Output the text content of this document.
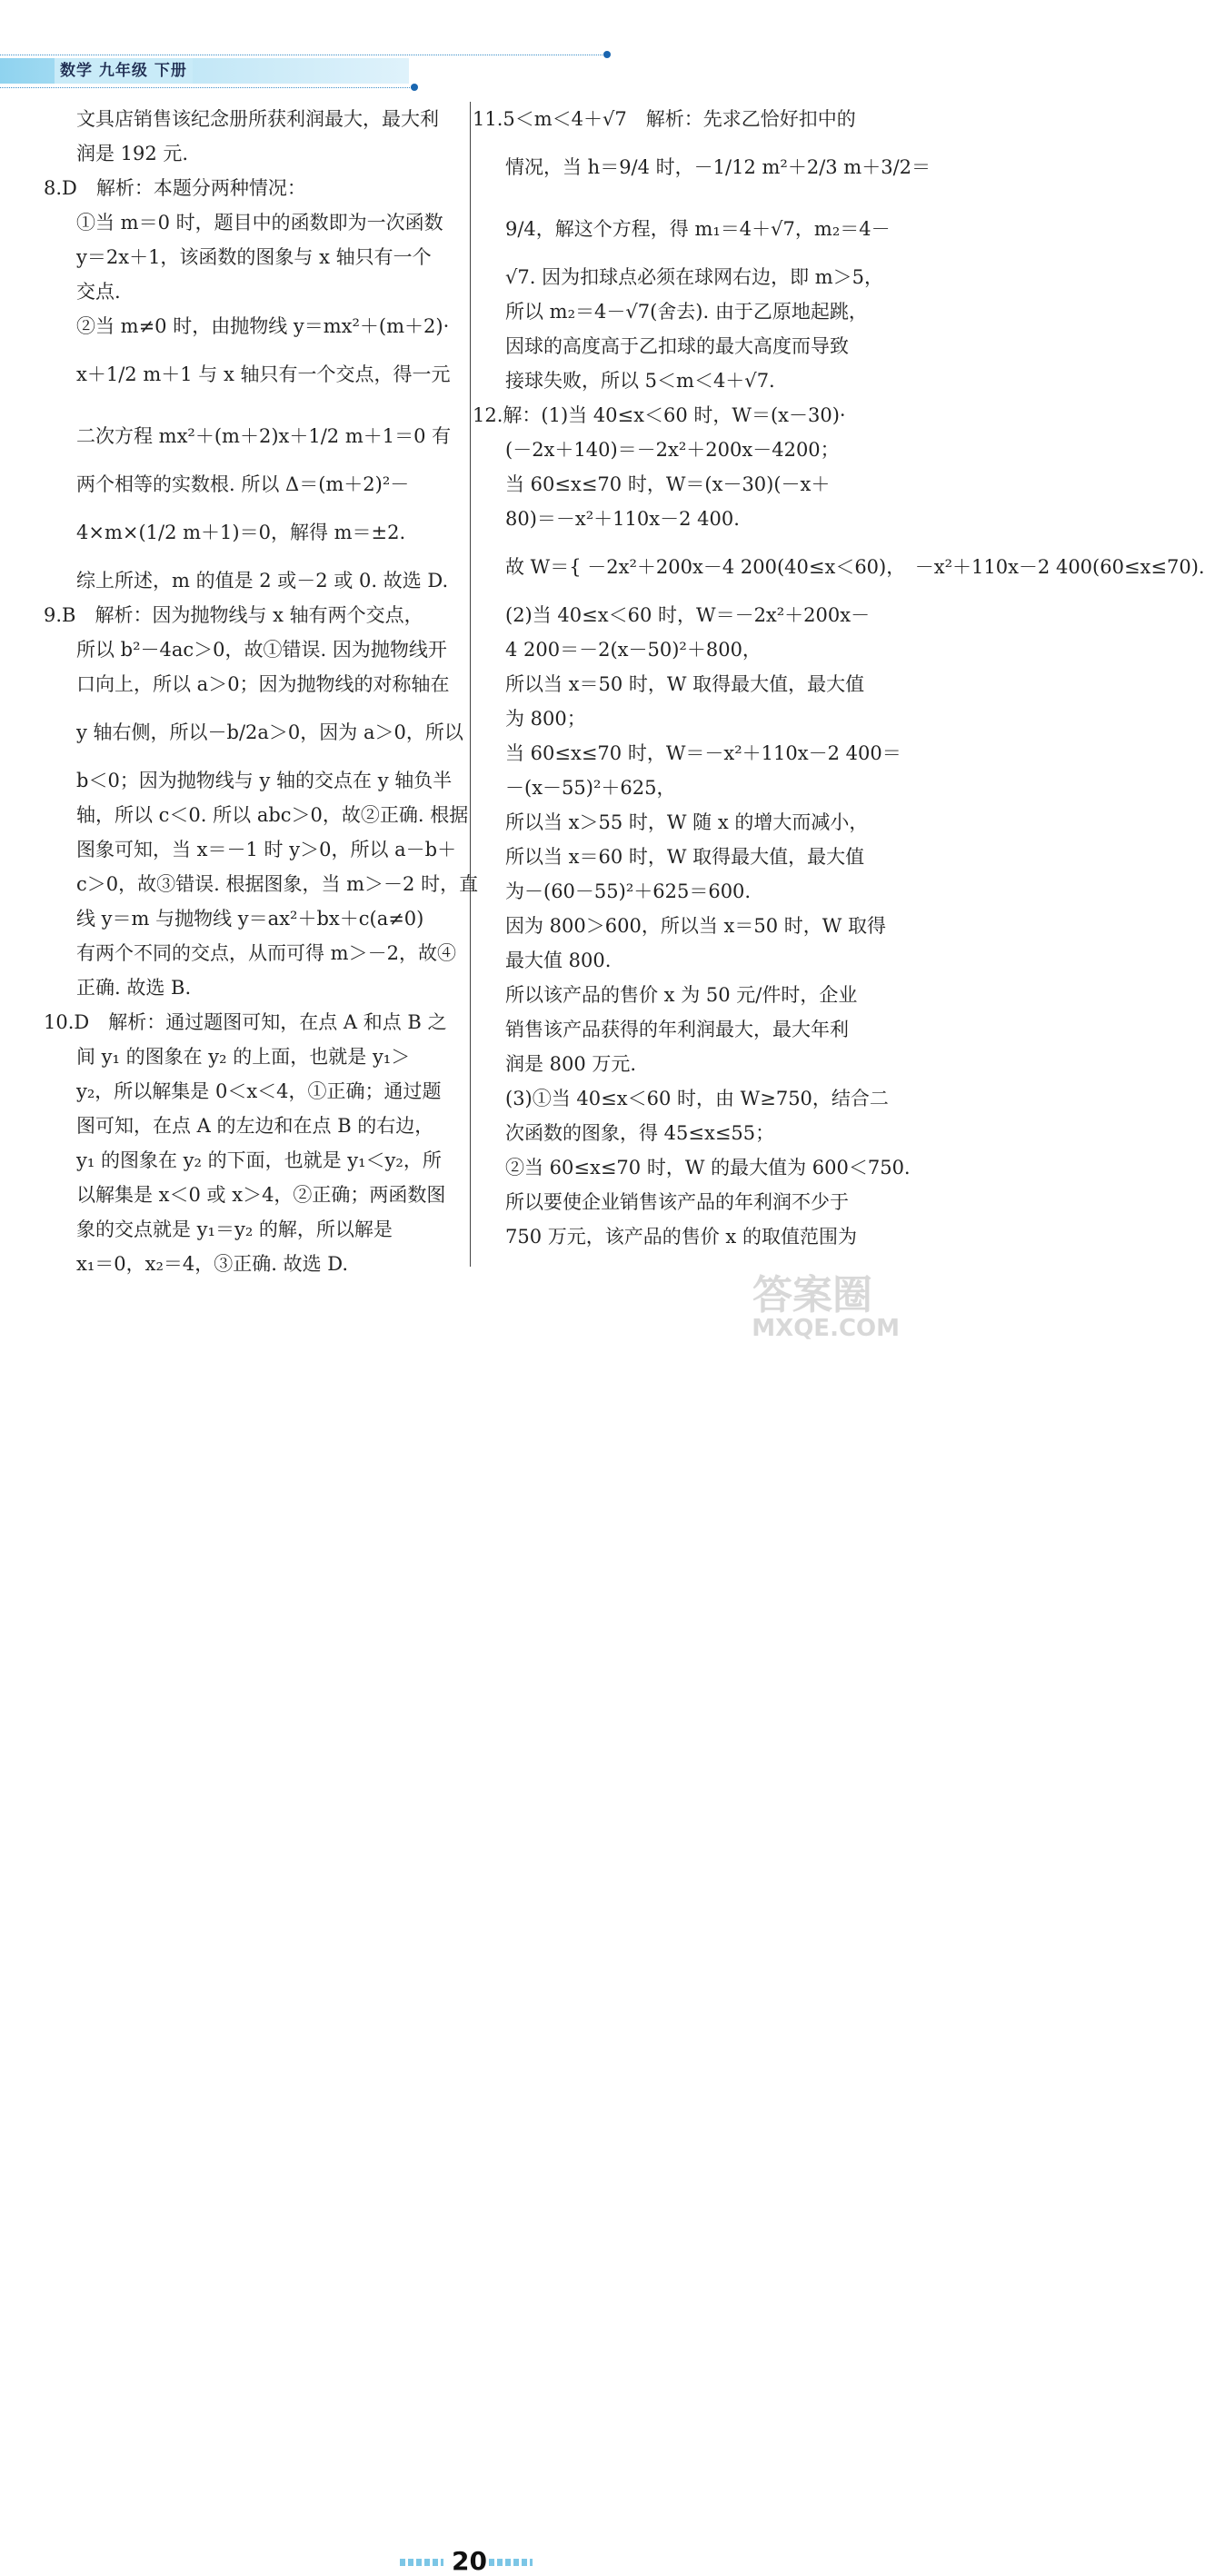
数学 九年级 下册

文具店销售该纪念册所获利润最大，最大利

润是 192 元.

8.D　解析：本题分两种情况：

①当 m＝0 时，题目中的函数即为一次函数

y＝2x＋1，该函数的图象与 x 轴只有一个

交点.

②当 m≠0 时，由抛物线 y＝mx²＋(m＋2)·

x＋1/2 m＋1 与 x 轴只有一个交点，得一元

二次方程 mx²＋(m＋2)x＋1/2 m＋1＝0 有

两个相等的实数根. 所以 Δ＝(m＋2)²－

4×m×(1/2 m＋1)＝0，解得 m＝±2.

综上所述，m 的值是 2 或－2 或 0. 故选 D.

9.B　解析：因为抛物线与 x 轴有两个交点，

所以 b²－4ac＞0，故①错误. 因为抛物线开

口向上，所以 a＞0；因为抛物线的对称轴在

y 轴右侧，所以－b/2a＞0，因为 a＞0，所以

b＜0；因为抛物线与 y 轴的交点在 y 轴负半

轴，所以 c＜0. 所以 abc＞0，故②正确. 根据

图象可知，当 x＝－1 时 y＞0，所以 a－b＋

c＞0，故③错误. 根据图象，当 m＞－2 时，直

线 y＝m 与抛物线 y＝ax²＋bx＋c(a≠0)

有两个不同的交点，从而可得 m＞－2，故④

正确. 故选 B.

10.D　解析：通过题图可知，在点 A 和点 B 之

间 y₁ 的图象在 y₂ 的上面，也就是 y₁＞

y₂，所以解集是 0＜x＜4，①正确；通过题

图可知，在点 A 的左边和在点 B 的右边，

y₁ 的图象在 y₂ 的下面，也就是 y₁＜y₂，所

以解集是 x＜0 或 x＞4，②正确；两函数图

象的交点就是 y₁＝y₂ 的解，所以解是

x₁＝0，x₂＝4，③正确. 故选 D.

11.5＜m＜4＋√7　解析：先求乙恰好扣中的

情况，当 h＝9/4 时，－1/12 m²＋2/3 m＋3/2＝

9/4，解这个方程，得 m₁＝4＋√7，m₂＝4－

√7. 因为扣球点必须在球网右边，即 m＞5，

所以 m₂＝4－√7(舍去). 由于乙原地起跳，

因球的高度高于乙扣球的最大高度而导致

接球失败，所以 5＜m＜4＋√7.

12.解：(1)当 40≤x＜60 时，W＝(x－30)·

(－2x＋140)＝－2x²＋200x－4200；

当 60≤x≤70 时，W＝(x－30)(－x＋

80)＝－x²＋110x－2 400.

故 W＝{ －2x²＋200x－4 200(40≤x＜60)，　－x²＋110x－2 400(60≤x≤70).

(2)当 40≤x＜60 时，W＝－2x²＋200x－

4 200＝－2(x－50)²＋800，

所以当 x＝50 时，W 取得最大值，最大值

为 800；

当 60≤x≤70 时，W＝－x²＋110x－2 400＝

－(x－55)²＋625，

所以当 x＞55 时，W 随 x 的增大而减小，

所以当 x＝60 时，W 取得最大值，最大值

为－(60－55)²＋625＝600.

因为 800＞600，所以当 x＝50 时，W 取得

最大值 800.

所以该产品的售价 x 为 50 元/件时，企业

销售该产品获得的年利润最大，最大年利

润是 800 万元.

(3)①当 40≤x＜60 时，由 W≥750，结合二

次函数的图象，得 45≤x≤55；

②当 60≤x≤70 时，W 的最大值为 600＜750.

所以要使企业销售该产品的年利润不少于

750 万元，该产品的售价 x 的取值范围为

20
答案圈
MXQE.COM
